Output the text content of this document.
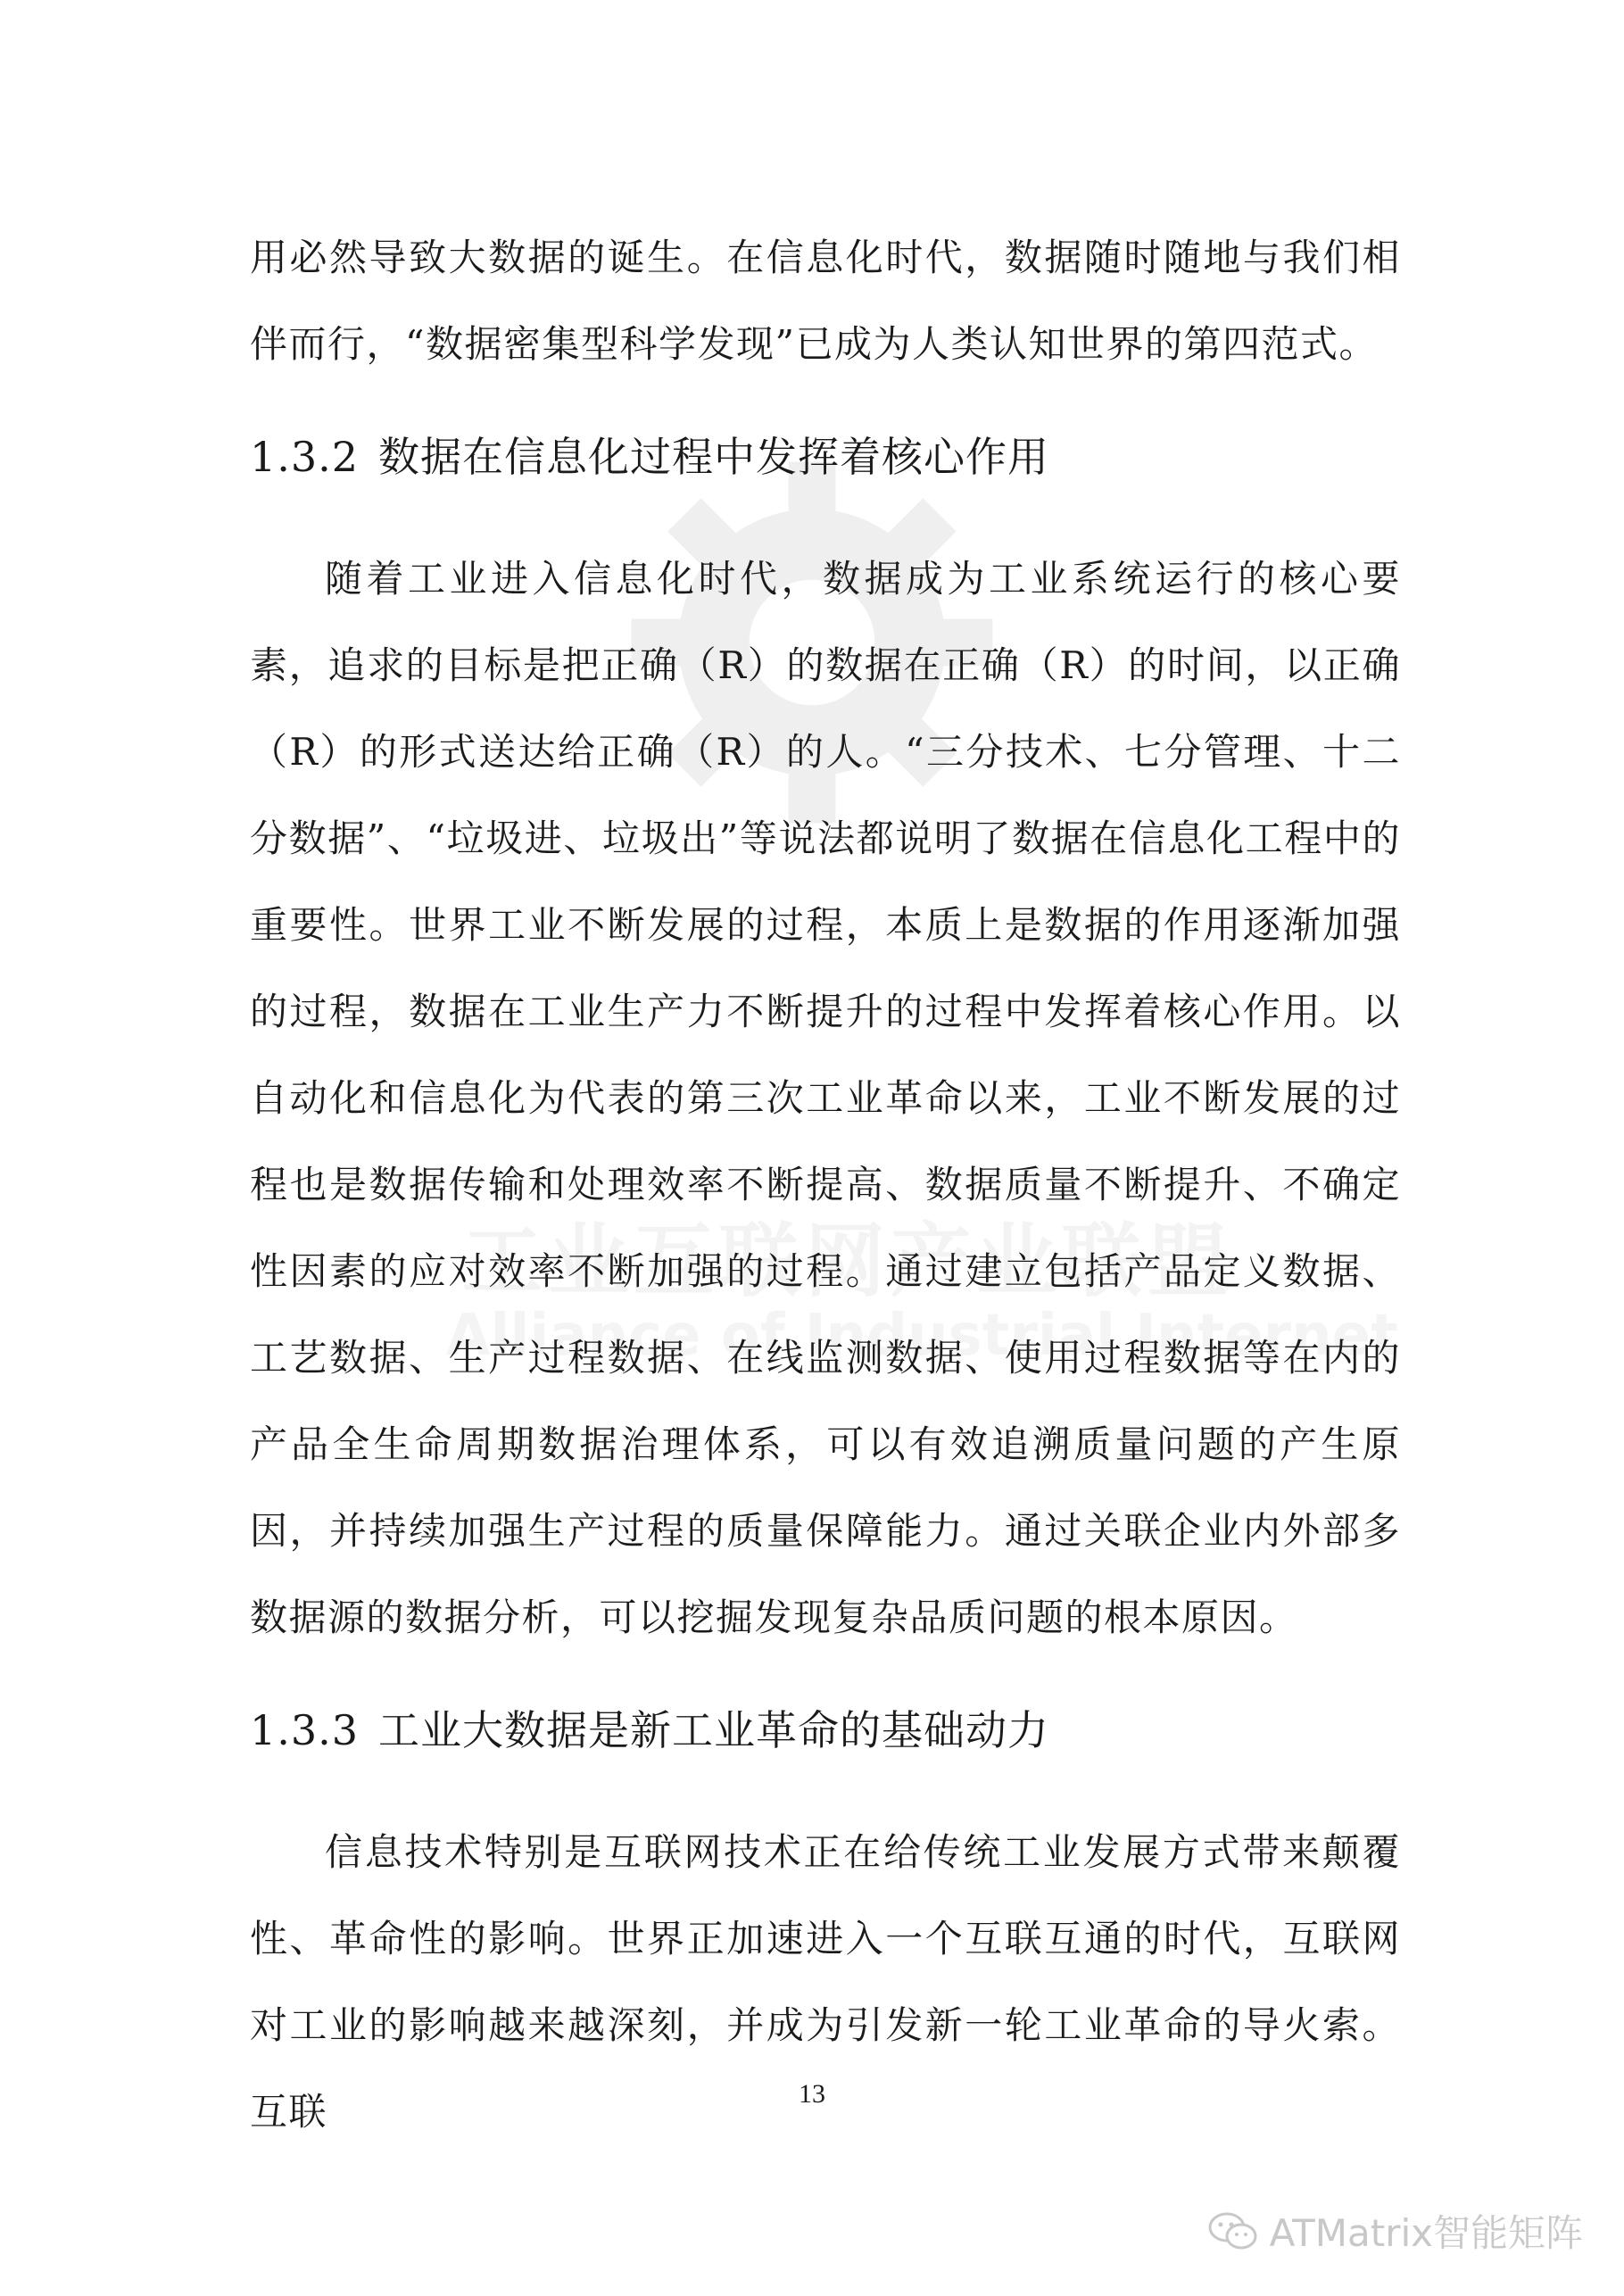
用必然导致大数据的诞生。在信息化时代，数据随时随地与我们相伴而行，“数据密集型科学发现”已成为人类认知世界的第四范式。

1.3.2 数据在信息化过程中发挥着核心作用

随着工业进入信息化时代，数据成为工业系统运行的核心要素，追求的目标是把正确（R）的数据在正确（R）的时间，以正确（R）的形式送达给正确（R）的人。“三分技术、七分管理、十二分数据”、“垃圾进、垃圾出”等说法都说明了数据在信息化工程中的重要性。世界工业不断发展的过程，本质上是数据的作用逐渐加强的过程，数据在工业生产力不断提升的过程中发挥着核心作用。以自动化和信息化为代表的第三次工业革命以来，工业不断发展的过程也是数据传输和处理效率不断提高、数据质量不断提升、不确定性因素的应对效率不断加强的过程。通过建立包括产品定义数据、工艺数据、生产过程数据、在线监测数据、使用过程数据等在内的产品全生命周期数据治理体系，可以有效追溯质量问题的产生原因，并持续加强生产过程的质量保障能力。通过关联企业内外部多数据源的数据分析，可以挖掘发现复杂品质问题的根本原因。

1.3.3 工业大数据是新工业革命的基础动力

信息技术特别是互联网技术正在给传统工业发展方式带来颠覆性、革命性的影响。世界正加速进入一个互联互通的时代，互联网对工业的影响越来越深刻，并成为引发新一轮工业革命的导火索。互联	13
ATMatrix智能矩阵
